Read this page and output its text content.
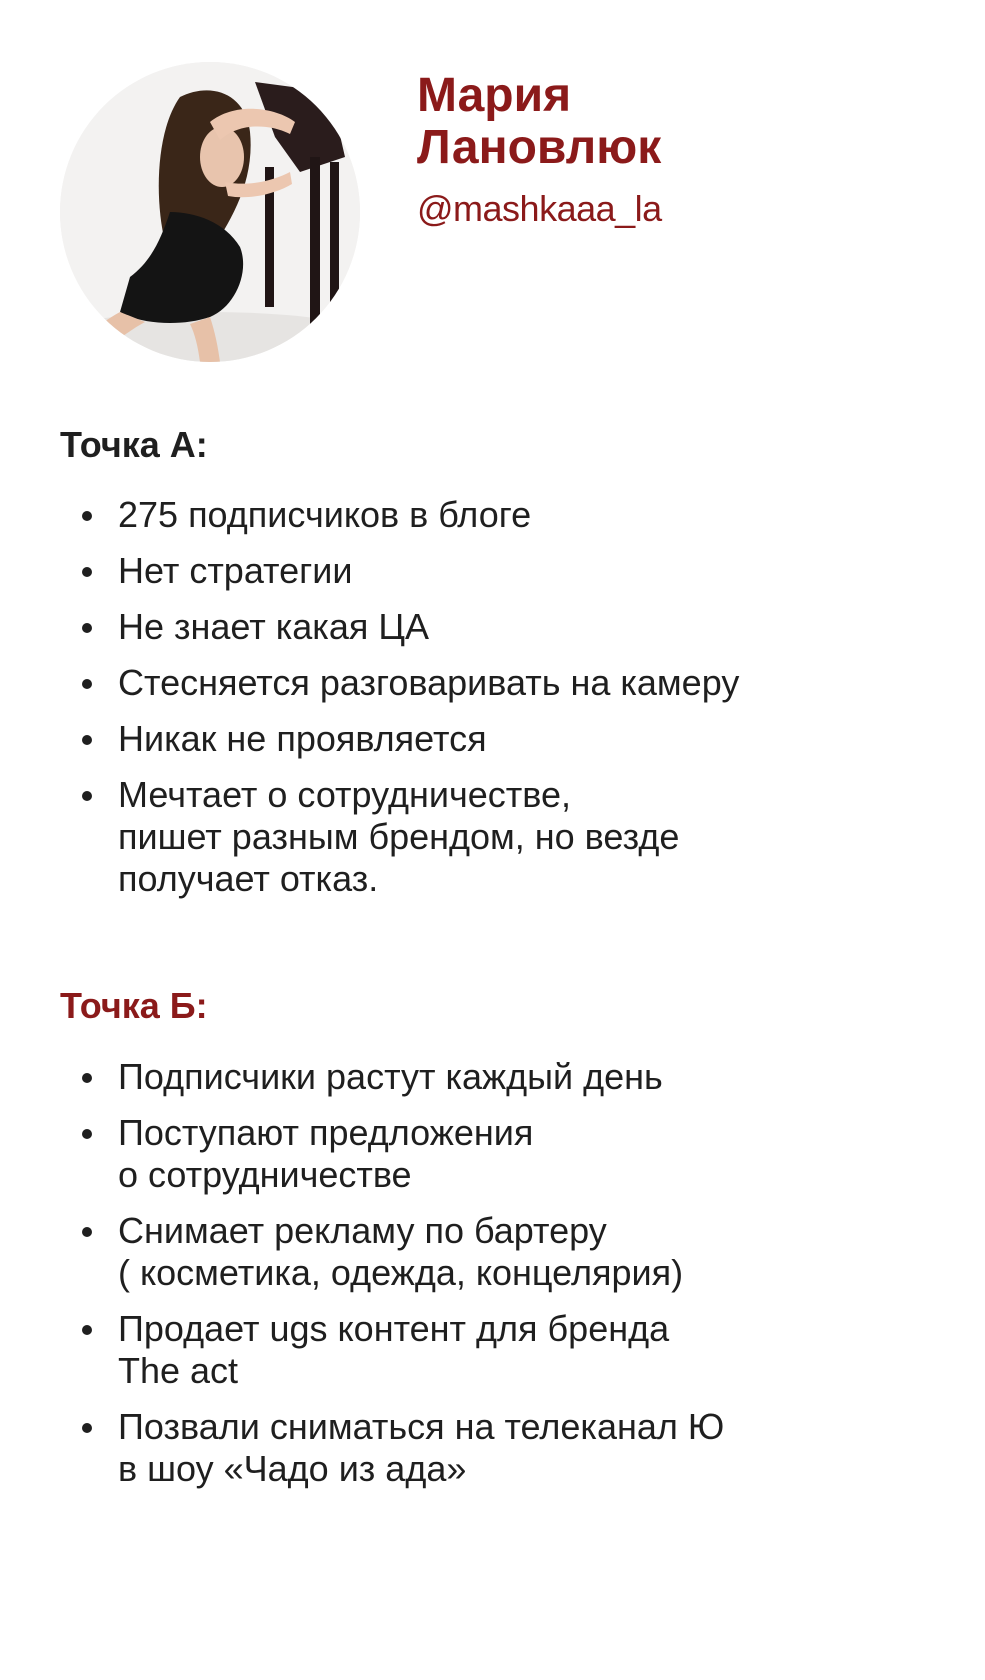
Мария
Лановлюк

@mashkaaa_la

Точка А:
275 подписчиков в блоге
Нет стратегии
Не знает какая ЦА
Стесняется разговаривать на камеру
Никак не проявляется
Мечтает о сотрудничестве,
пишет разным брендом, но везде
получает отказ.
Точка Б:
Подписчики растут каждый день
Поступают предложения
о сотрудничестве
Снимает рекламу по бартеру
( косметика, одежда, концелярия)
Продает ugs контент для бренда
The act
Позвали сниматься на телеканал Ю
в шоу «Чадо из ада»
